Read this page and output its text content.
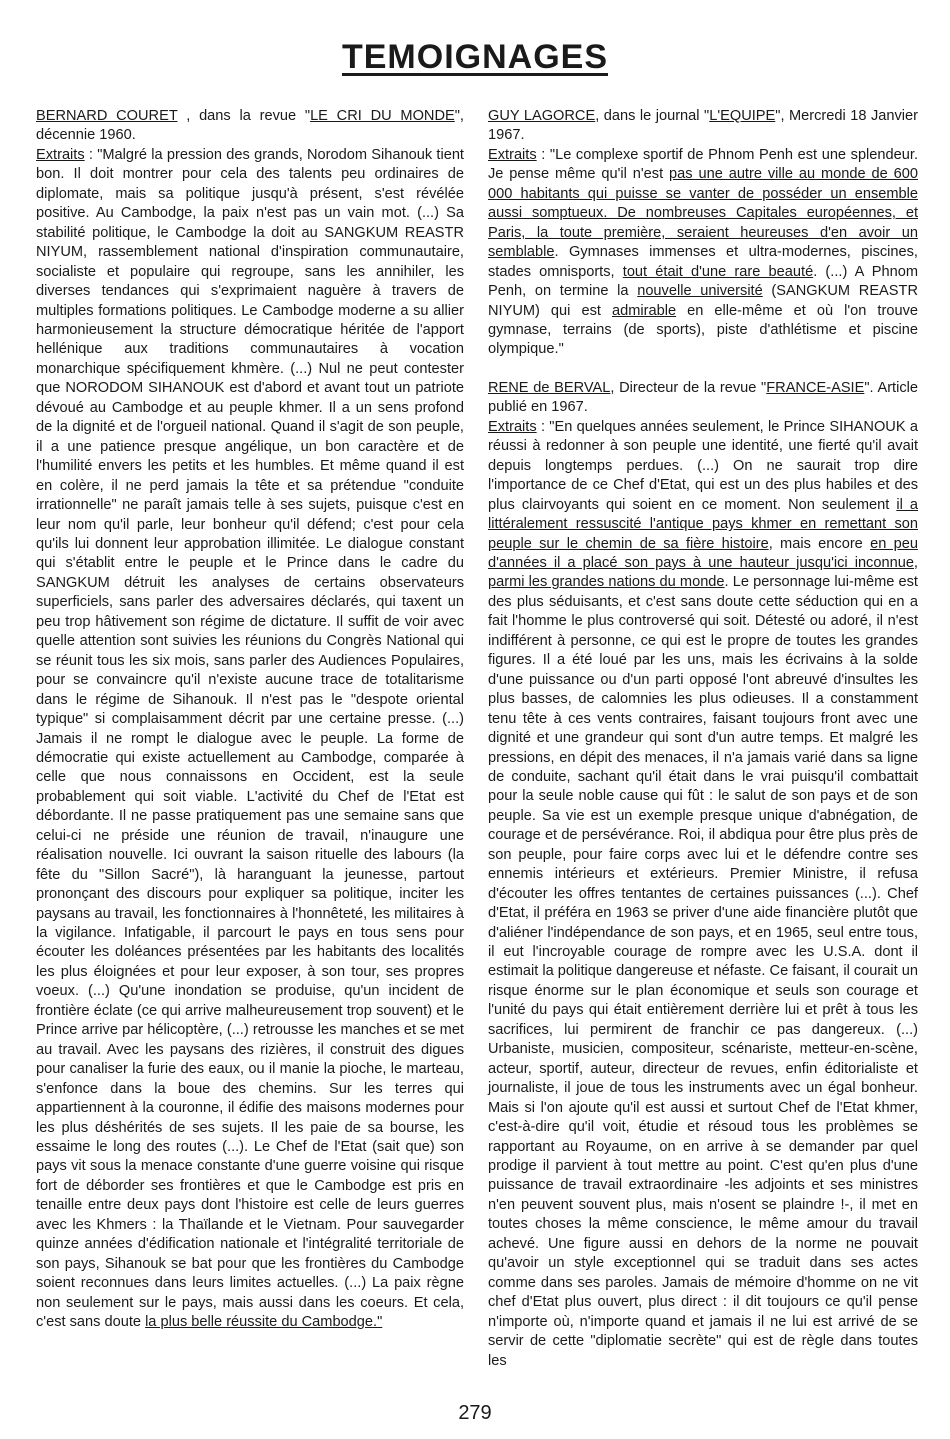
TEMOIGNAGES

BERNARD COURET , dans la revue "LE CRI DU MONDE", décennie 1960.
Extraits : "Malgré la pression des grands, Norodom Sihanouk tient bon. Il doit montrer pour cela des talents peu ordinaires de diplomate, mais sa politique jusqu'à présent, s'est révélée positive. Au Cambodge, la paix n'est pas un vain mot. (...) Sa stabilité politique, le Cambodge la doit au SANGKUM REASTR NIYUM, rassemblement national d'inspiration communautaire, socialiste et populaire qui regroupe, sans les annihiler, les diverses tendances qui s'exprimaient naguère à travers de multiples formations politiques. Le Cambodge moderne a su allier harmonieusement la structure démocratique héritée de l'apport hellénique aux traditions communautaires à vocation monarchique spécifiquement khmère. (...) Nul ne peut contester que NORODOM SIHANOUK est d'abord et avant tout un patriote dévoué au Cambodge et au peuple khmer. Il a un sens profond de la dignité et de l'orgueil national. Quand il s'agit de son peuple, il a une patience presque angélique, un bon caractère et de l'humilité envers les petits et les humbles. Et même quand il est en colère, il ne perd jamais la tête et sa prétendue "conduite irrationnelle" ne paraît jamais telle à ses sujets, puisque c'est en leur nom qu'il parle, leur bonheur qu'il défend; c'est pour cela qu'ils lui donnent leur approbation illimitée. Le dialogue constant qui s'établit entre le peuple et le Prince dans le cadre du SANGKUM détruit les analyses de certains observateurs superficiels, sans parler des adversaires déclarés, qui taxent un peu trop hâtivement son régime de dictature. Il suffit de voir avec quelle attention sont suivies les réunions du Congrès National qui se réunit tous les six mois, sans parler des Audiences Populaires, pour se convaincre qu'il n'existe aucune trace de totalitarisme dans le régime de Sihanouk. Il n'est pas le "despote oriental typique" si complaisamment décrit par une certaine presse. (...) Jamais il ne rompt le dialogue avec le peuple. La forme de démocratie qui existe actuellement au Cambodge, comparée à celle que nous connaissons en Occident, est la seule probablement qui soit viable. L'activité du Chef de l'Etat est débordante. Il ne passe pratiquement pas une semaine sans que celui-ci ne préside une réunion de travail, n'inaugure une réalisation nouvelle. Ici ouvrant la saison rituelle des labours (la fête du "Sillon Sacré"), là haranguant la jeunesse, partout prononçant des discours pour expliquer sa politique, inciter les paysans au travail, les fonctionnaires à l'honnêteté, les militaires à la vigilance. Infatigable, il parcourt le pays en tous sens pour écouter les doléances présentées par les habitants des localités les plus éloignées et pour leur exposer, à son tour, ses propres voeux. (...) Qu'une inondation se produise, qu'un incident de frontière éclate (ce qui arrive malheureusement trop souvent) et le Prince arrive par hélicoptère, (...) retrousse les manches et se met au travail. Avec les paysans des rizières, il construit des digues pour canaliser la furie des eaux, ou il manie la pioche, le marteau, s'enfonce dans la boue des chemins. Sur les terres qui appartiennent à la couronne, il édifie des maisons modernes pour les plus déshérités de ses sujets. Il les paie de sa bourse, les essaime le long des routes (...). Le Chef de l'Etat (sait que) son pays vit sous la menace constante d'une guerre voisine qui risque fort de déborder ses frontières et que le Cambodge est pris en tenaille entre deux pays dont l'histoire est celle de leurs guerres avec les Khmers : la Thaïlande et le Vietnam. Pour sauvegarder quinze années d'édification nationale et l'intégralité territoriale de son pays, Sihanouk se bat pour que les frontières du Cambodge soient reconnues dans leurs limites actuelles. (...) La paix règne non seulement sur le pays, mais aussi dans les coeurs. Et cela, c'est sans doute la plus belle réussite du Cambodge."

GUY LAGORCE, dans le journal "L'EQUIPE", Mercredi 18 Janvier 1967.
Extraits : "Le complexe sportif de Phnom Penh est une splendeur. Je pense même qu'il n'est pas une autre ville au monde de 600 000 habitants qui puisse se vanter de posséder un ensemble aussi somptueux. De nombreuses Capitales européennes, et Paris, la toute première, seraient heureuses d'en avoir un semblable. Gymnases immenses et ultra-modernes, piscines, stades omnisports, tout était d'une rare beauté. (...) A Phnom Penh, on termine la nouvelle université (SANGKUM REASTR NIYUM) qui est admirable en elle-même et où l'on trouve gymnase, terrains (de sports), piste d'athlétisme et piscine olympique."

RENE de BERVAL, Directeur de la revue "FRANCE-ASIE". Article publié en 1967.
Extraits : "En quelques années seulement, le Prince SIHANOUK a réussi à redonner à son peuple une identité, une fierté qu'il avait depuis longtemps perdues. (...) On ne saurait trop dire l'importance de ce Chef d'Etat, qui est un des plus habiles et des plus clairvoyants qui soient en ce moment. Non seulement il a littéralement ressuscité l'antique pays khmer en remettant son peuple sur le chemin de sa fière histoire, mais encore en peu d'années il a placé son pays à une hauteur jusqu'ici inconnue, parmi les grandes nations du monde. Le personnage lui-même est des plus séduisants, et c'est sans doute cette séduction qui en a fait l'homme le plus controversé qui soit. Détesté ou adoré, il n'est indifférent à personne, ce qui est le propre de toutes les grandes figures. Il a été loué par les uns, mais les écrivains à la solde d'une puissance ou d'un parti opposé l'ont abreuvé d'insultes les plus basses, de calomnies les plus odieuses. Il a constamment tenu tête à ces vents contraires, faisant toujours front avec une dignité et une grandeur qui sont d'un autre temps. Et malgré les pressions, en dépit des menaces, il n'a jamais varié dans sa ligne de conduite, sachant qu'il était dans le vrai puisqu'il combattait pour la seule noble cause qui fût : le salut de son pays et de son peuple. Sa vie est un exemple presque unique d'abnégation, de courage et de persévérance. Roi, il abdiqua pour être plus près de son peuple, pour faire corps avec lui et le défendre contre ses ennemis intérieurs et extérieurs. Premier Ministre, il refusa d'écouter les offres tentantes de certaines puissances (...). Chef d'Etat, il préféra en 1963 se priver d'une aide financière plutôt que d'aliéner l'indépendance de son pays, et en 1965, seul entre tous, il eut l'incroyable courage de rompre avec les U.S.A. dont il estimait la politique dangereuse et néfaste. Ce faisant, il courait un risque énorme sur le plan économique et seuls son courage et l'unité du pays qui était entièrement derrière lui et prêt à tous les sacrifices, lui permirent de franchir ce pas dangereux. (...) Urbaniste, musicien, compositeur, scénariste, metteur-en-scène, acteur, sportif, auteur, directeur de revues, enfin éditorialiste et journaliste, il joue de tous les instruments avec un égal bonheur. Mais si l'on ajoute qu'il est aussi et surtout Chef de l'Etat khmer, c'est-à-dire qu'il voit, étudie et résoud tous les problèmes se rapportant au Royaume, on en arrive à se demander par quel prodige il parvient à tout mettre au point. C'est qu'en plus d'une puissance de travail extraordinaire -les adjoints et ses ministres n'en peuvent souvent plus, mais n'osent se plaindre !-, il met en toutes choses la même conscience, le même amour du travail achevé. Une figure aussi en dehors de la norme ne pouvait qu'avoir un style exceptionnel qui se traduit dans ses actes comme dans ses paroles. Jamais de mémoire d'homme on ne vit chef d'Etat plus ouvert, plus direct : il dit toujours ce qu'il pense n'importe où, n'importe quand et jamais il ne lui est arrivé de se servir de cette "diplomatie secrète" qui est de règle dans toutes les

279
